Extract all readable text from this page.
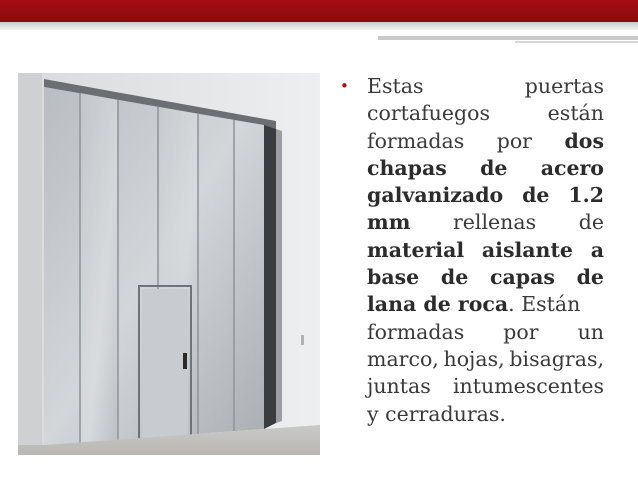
• Estas	puertas
cortafuegos	están
formadas por dos
chapas de acero
galvanizado de 1.2
mm rellenas de
material aislante a
base de capas de
lana de roca. Están
formadas por un
marco, hojas, bisagras,
juntas intumescentes
y cerraduras.
